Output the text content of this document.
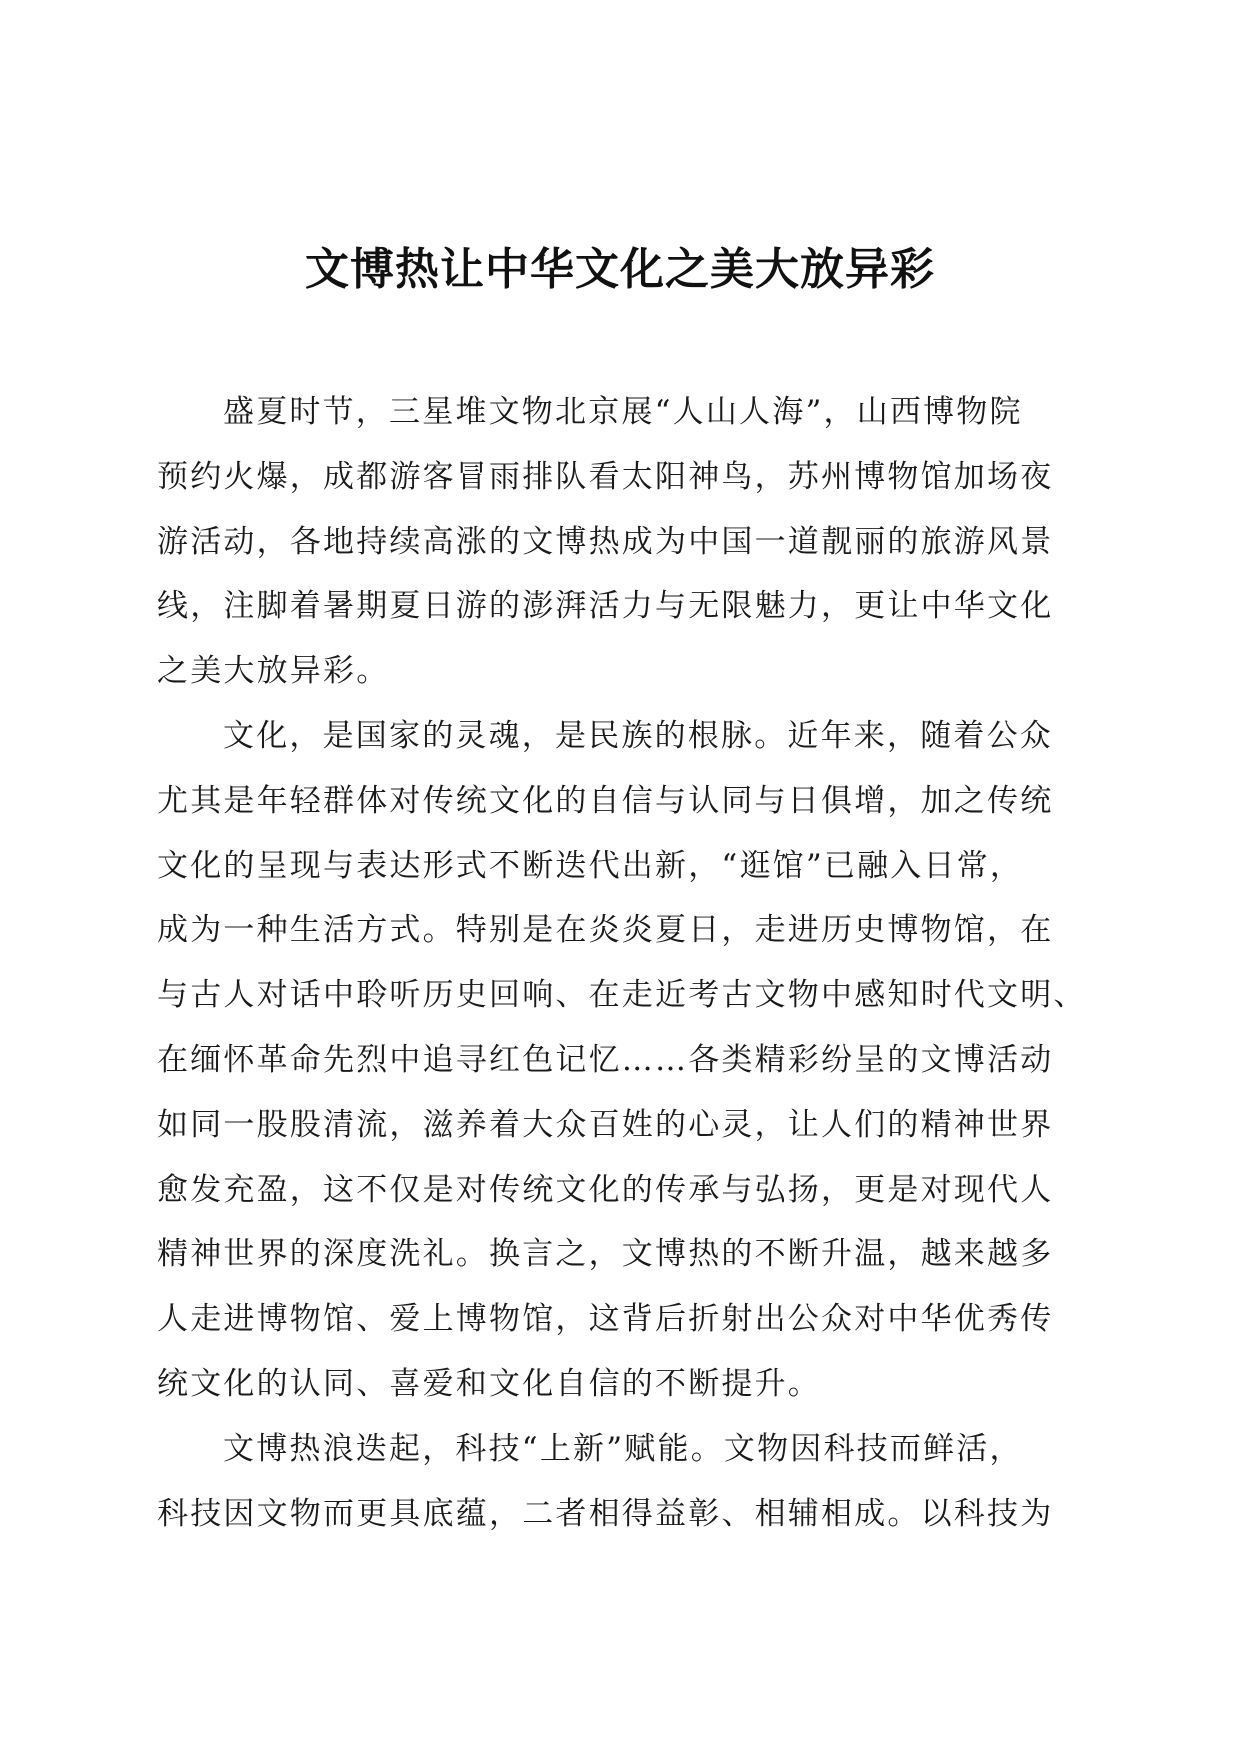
文博热让中华文化之美大放异彩
盛夏时节，三星堆文物北京展“人山人海”，山西博物院
预约火爆，成都游客冒雨排队看太阳神鸟，苏州博物馆加场夜
游活动，各地持续高涨的文博热成为中国一道靓丽的旅游风景
线，注脚着暑期夏日游的澎湃活力与无限魅力，更让中华文化
之美大放异彩。
文化，是国家的灵魂，是民族的根脉。近年来，随着公众
尤其是年轻群体对传统文化的自信与认同与日俱增，加之传统
文化的呈现与表达形式不断迭代出新，“逛馆”已融入日常，
成为一种生活方式。特别是在炎炎夏日，走进历史博物馆，在
与古人对话中聆听历史回响、在走近考古文物中感知时代文明、
在缅怀革命先烈中追寻红色记忆……各类精彩纷呈的文博活动
如同一股股清流，滋养着大众百姓的心灵，让人们的精神世界
愈发充盈，这不仅是对传统文化的传承与弘扬，更是对现代人
精神世界的深度洗礼。换言之，文博热的不断升温，越来越多
人走进博物馆、爱上博物馆，这背后折射出公众对中华优秀传
统文化的认同、喜爱和文化自信的不断提升。
文博热浪迭起，科技“上新”赋能。文物因科技而鲜活，
科技因文物而更具底蕴，二者相得益彰、相辅相成。以科技为
